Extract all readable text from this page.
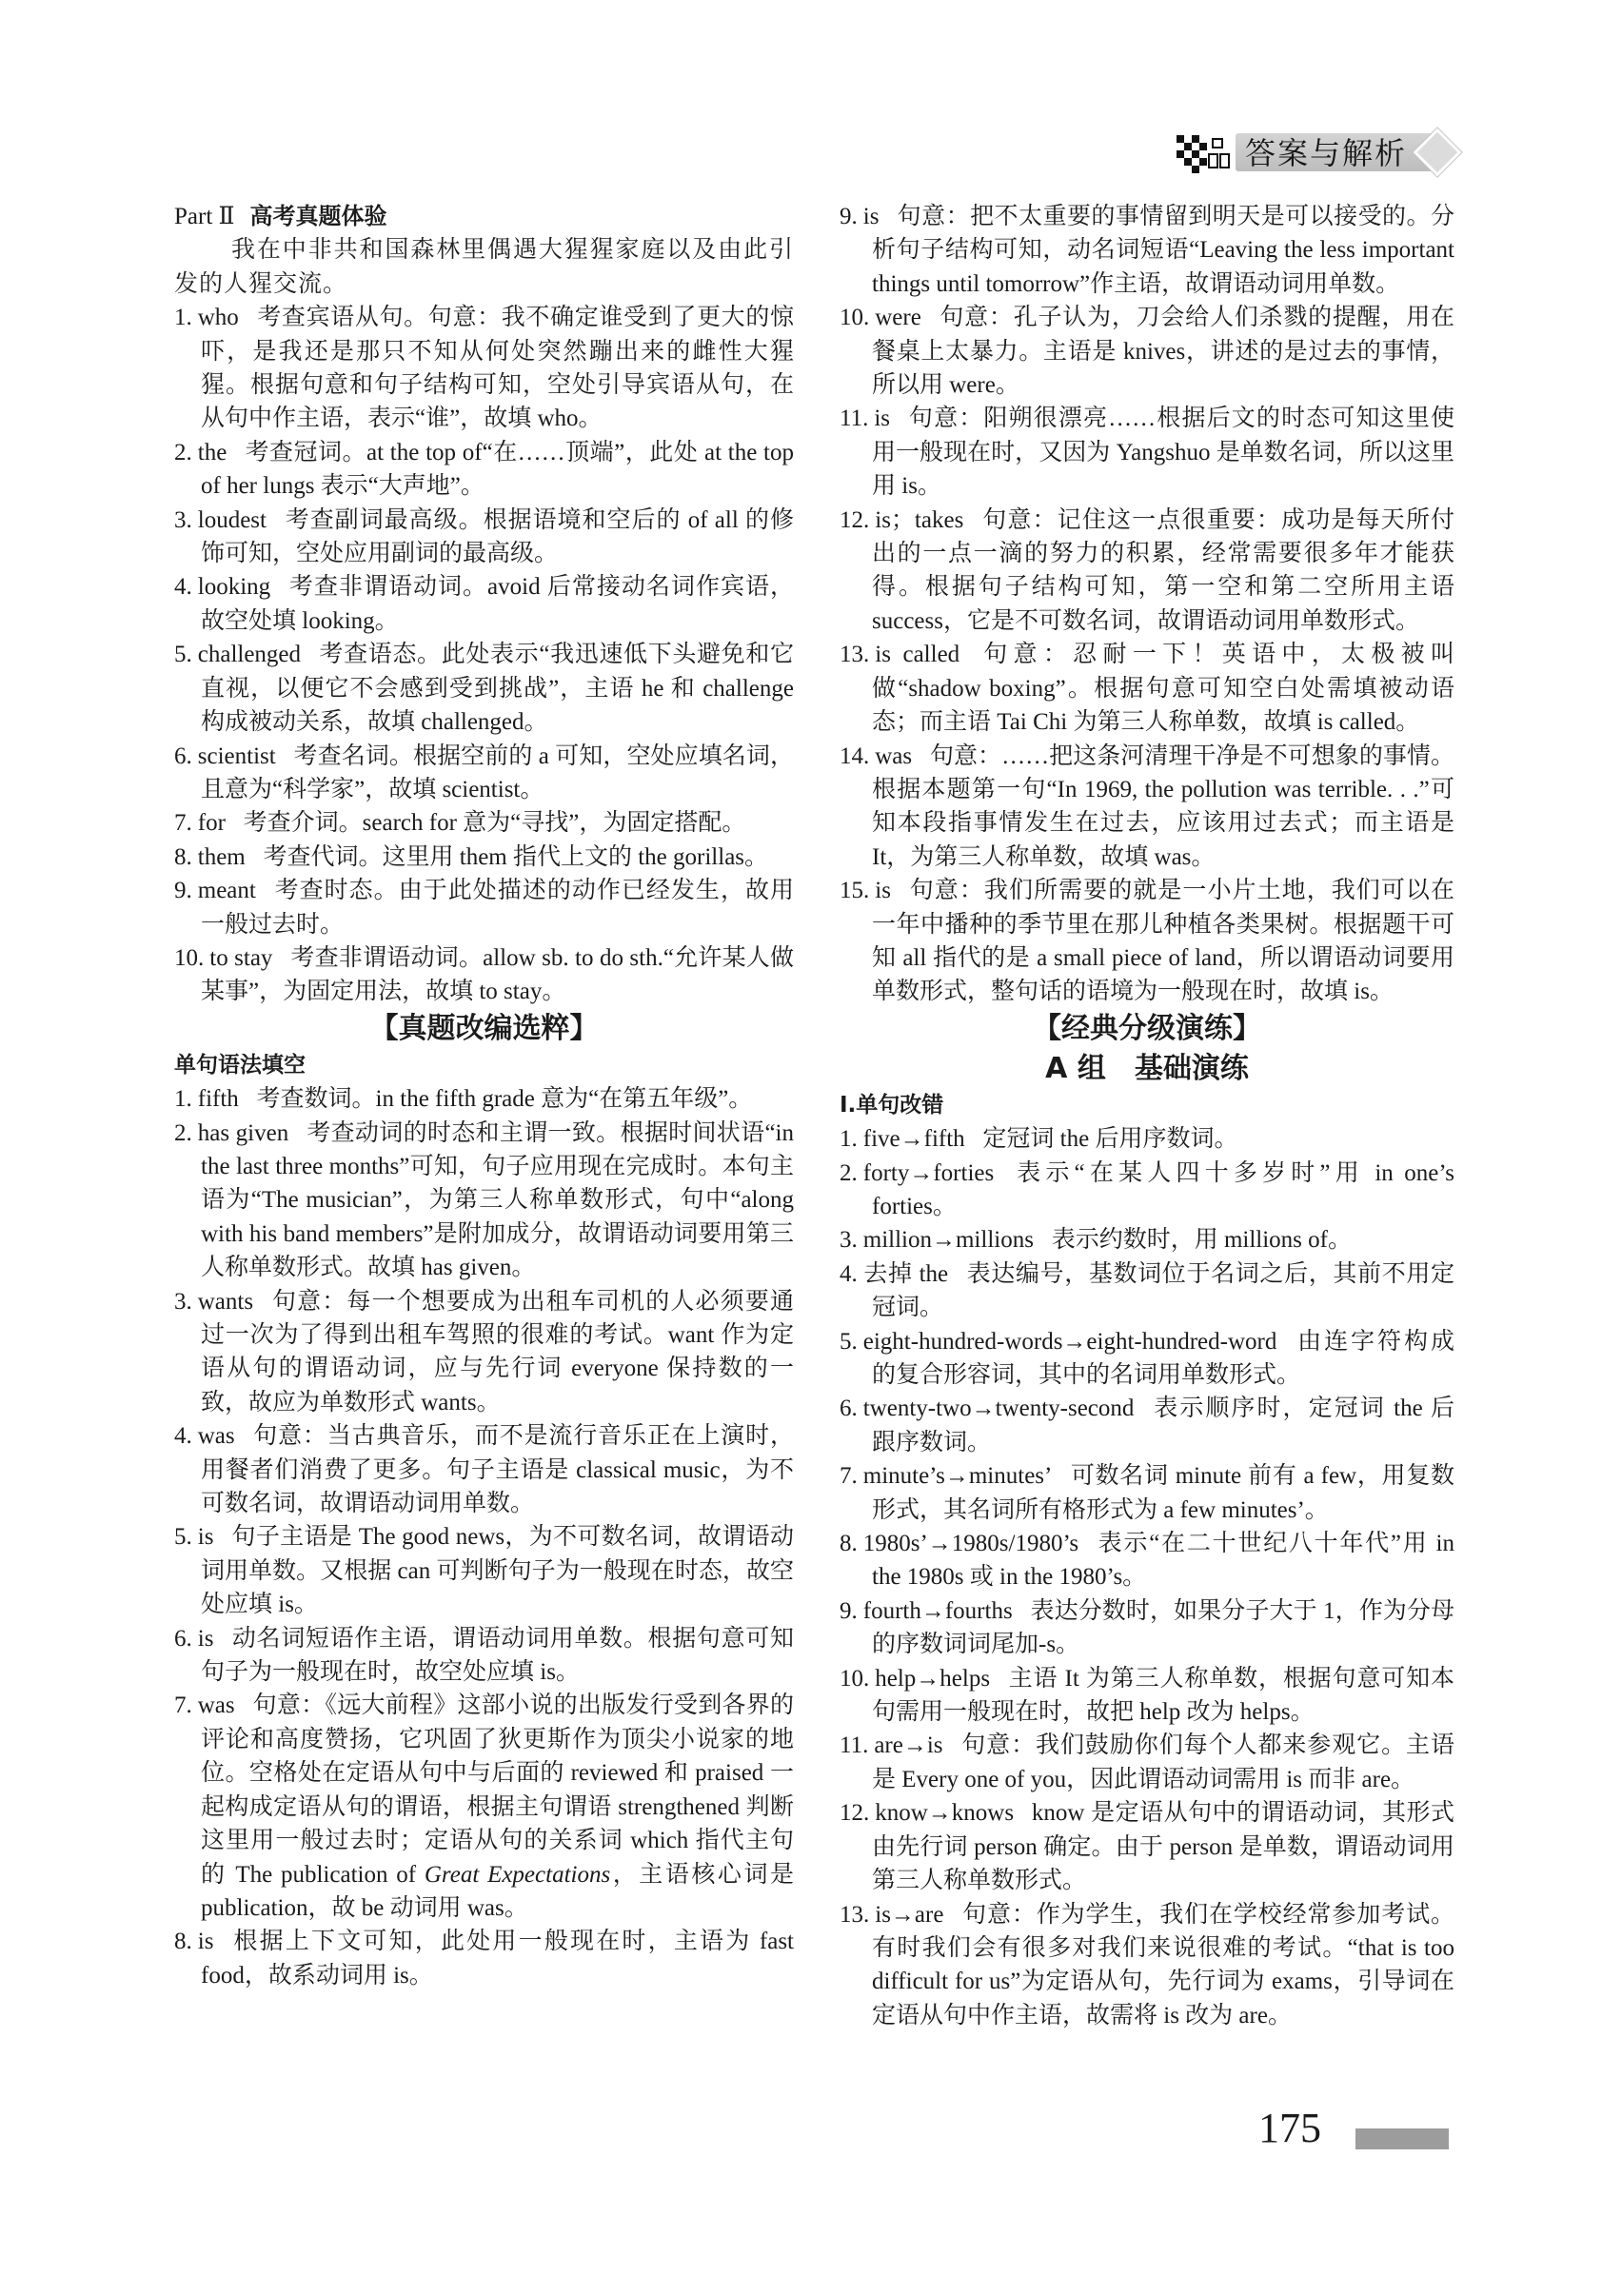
答案与解析
Part Ⅱ 高考真题体验
我在中非共和国森林里偶遇大猩猩家庭以及由此引发的人猩交流。
1. who 考查宾语从句。句意：我不确定谁受到了更大的惊吓，是我还是那只不知从何处突然蹦出来的雌性大猩猩。根据句意和句子结构可知，空处引导宾语从句，在从句中作主语，表示“谁”，故填 who。
2. the 考查冠词。at the top of“在……顶端”，此处 at the top of her lungs 表示“大声地”。
3. loudest 考查副词最高级。根据语境和空后的 of all 的修饰可知，空处应用副词的最高级。
4. looking 考查非谓语动词。avoid 后常接动名词作宾语，故空处填 looking。
5. challenged 考查语态。此处表示“我迅速低下头避免和它直视，以便它不会感到受到挑战”，主语 he 和 challenge 构成被动关系，故填 challenged。
6. scientist 考查名词。根据空前的 a 可知，空处应填名词，且意为“科学家”，故填 scientist。
7. for 考查介词。search for 意为“寻找”，为固定搭配。
8. them 考查代词。这里用 them 指代上文的 the gorillas。
9. meant 考查时态。由于此处描述的动作已经发生，故用一般过去时。
10. to stay 考查非谓语动词。allow sb. to do sth.“允许某人做某事”，为固定用法，故填 to stay。
【真题改编选粹】
单句语法填空
1. fifth 考查数词。in the fifth grade 意为“在第五年级”。
2. has given 考查动词的时态和主谓一致。根据时间状语“in the last three months”可知，句子应用现在完成时。本句主语为“The musician”，为第三人称单数形式，句中“along with his band members”是附加成分，故谓语动词要用第三人称单数形式。故填 has given。
3. wants 句意：每一个想要成为出租车司机的人必须要通过一次为了得到出租车驾照的很难的考试。want 作为定语从句的谓语动词，应与先行词 everyone 保持数的一致，故应为单数形式 wants。
4. was 句意：当古典音乐，而不是流行音乐正在上演时，用餐者们消费了更多。句子主语是 classical music，为不可数名词，故谓语动词用单数。
5. is 句子主语是 The good news，为不可数名词，故谓语动词用单数。又根据 can 可判断句子为一般现在时态，故空处应填 is。
6. is 动名词短语作主语，谓语动词用单数。根据句意可知句子为一般现在时，故空处应填 is。
7. was 句意：《远大前程》这部小说的出版发行受到各界的评论和高度赞扬，它巩固了狄更斯作为顶尖小说家的地位。空格处在定语从句中与后面的 reviewed 和 praised 一起构成定语从句的谓语，根据主句谓语 strengthened 判断这里用一般过去时；定语从句的关系词 which 指代主句的 The publication of Great Expectations，主语核心词是 publication，故 be 动词用 was。
8. is 根据上下文可知，此处用一般现在时，主语为 fast food，故系动词用 is。
9. is 句意：把不太重要的事情留到明天是可以接受的。分析句子结构可知，动名词短语“Leaving the less important things until tomorrow”作主语，故谓语动词用单数。
10. were 句意：孔子认为，刀会给人们杀戮的提醒，用在餐桌上太暴力。主语是 knives，讲述的是过去的事情，所以用 were。
11. is 句意：阳朔很漂亮……根据后文的时态可知这里使用一般现在时，又因为 Yangshuo 是单数名词，所以这里用 is。
12. is；takes 句意：记住这一点很重要：成功是每天所付出的一点一滴的努力的积累，经常需要很多年才能获得。根据句子结构可知，第一空和第二空所用主语 success，它是不可数名词，故谓语动词用单数形式。
13. is called 句意：忍耐一下！英语中，太极被叫做“shadow boxing”。根据句意可知空白处需填被动语态；而主语 Tai Chi 为第三人称单数，故填 is called。
14. was 句意：……把这条河清理干净是不可想象的事情。根据本题第一句“In 1969, the pollution was terrible. . .”可知本段指事情发生在过去，应该用过去式；而主语是 It，为第三人称单数，故填 was。
15. is 句意：我们所需要的就是一小片土地，我们可以在一年中播种的季节里在那儿种植各类果树。根据题干可知 all 指代的是 a small piece of land，所以谓语动词要用单数形式，整句话的语境为一般现在时，故填 is。
【经典分级演练】
A 组　基础演练
Ⅰ.单句改错
1. five→fifth 定冠词 the 后用序数词。
2. forty→forties 表示“在某人四十多岁时”用 in one’s forties。
3. million→millions 表示约数时，用 millions of。
4. 去掉 the 表达编号，基数词位于名词之后，其前不用定冠词。
5. eight-hundred-words→eight-hundred-word 由连字符构成的复合形容词，其中的名词用单数形式。
6. twenty-two→twenty-second 表示顺序时，定冠词 the 后跟序数词。
7. minute’s→minutes’ 可数名词 minute 前有 a few，用复数形式，其名词所有格形式为 a few minutes’。
8. 1980s’→1980s/1980’s 表示“在二十世纪八十年代”用 in the 1980s 或 in the 1980’s。
9. fourth→fourths 表达分数时，如果分子大于 1，作为分母的序数词词尾加-s。
10. help→helps 主语 It 为第三人称单数，根据句意可知本句需用一般现在时，故把 help 改为 helps。
11. are→is 句意：我们鼓励你们每个人都来参观它。主语是 Every one of you，因此谓语动词需用 is 而非 are。
12. know→knows know 是定语从句中的谓语动词，其形式由先行词 person 确定。由于 person 是单数，谓语动词用第三人称单数形式。
13. is→are 句意：作为学生，我们在学校经常参加考试。有时我们会有很多对我们来说很难的考试。“that is too difficult for us”为定语从句，先行词为 exams，引导词在定语从句中作主语，故需将 is 改为 are。
175
